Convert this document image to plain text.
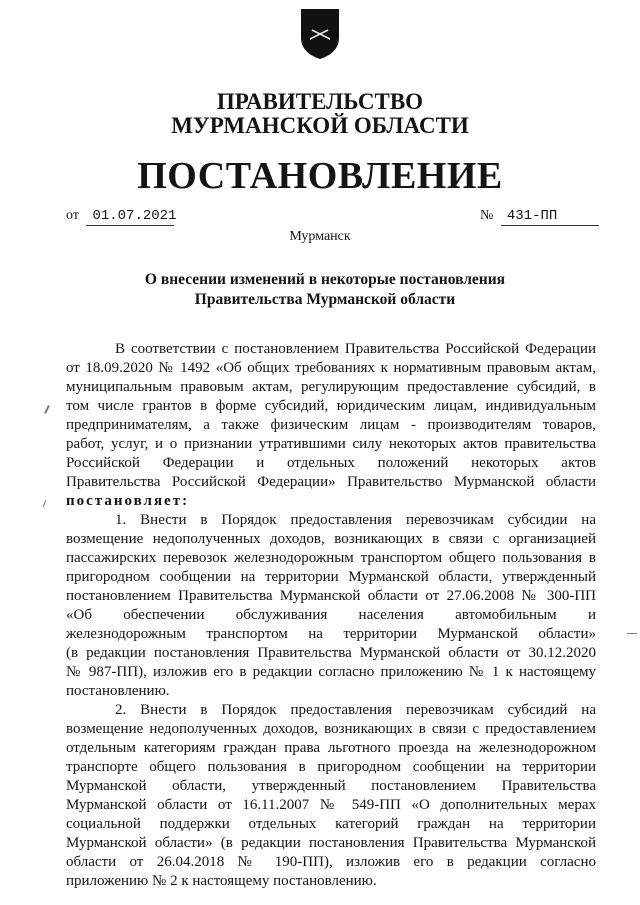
ПРАВИТЕЛЬСТВО
МУРМАНСКОЙ ОБЛАСТИ
ПОСТАНОВЛЕНИЕ
от 01.07.2021	№ 431-ПП
Мурманск
О внесении изменений в некоторые постановления
Правительства Мурманской области
В соответствии с постановлением Правительства Российской Федерации
от 18.09.2020 № 1492 «Об общих требованиях к нормативным правовым актам,
муниципальным правовым актам, регулирующим предоставление субсидий, в
том числе грантов в форме субсидий, юридическим лицам, индивидуальным
предпринимателям, а также физическим лицам - производителям товаров,
работ, услуг, и о признании утратившими силу некоторых актов правительства
Российской Федерации и отдельных положений некоторых актов
Правительства Российской Федерации» Правительство Мурманской области
постановляет:
1. Внести в Порядок предоставления перевозчикам субсидии на
возмещение недополученных доходов, возникающих в связи с организацией
пассажирских перевозок железнодорожным транспортом общего пользования в
пригородном сообщении на территории Мурманской области, утвержденный
постановлением Правительства Мурманской области от 27.06.2008 № 300-ПП
«Об обеспечении обслуживания населения автомобильным и
железнодорожным транспортом на территории Мурманской области»
(в редакции постановления Правительства Мурманской области от 30.12.2020
№ 987-ПП), изложив его в редакции согласно приложению № 1 к настоящему
постановлению.
2. Внести в Порядок предоставления перевозчикам субсидий на
возмещение недополученных доходов, возникающих в связи с предоставлением
отдельным категориям граждан права льготного проезда на железнодорожном
транспорте общего пользования в пригородном сообщении на территории
Мурманской области, утвержденный постановлением Правительства
Мурманской области от 16.11.2007 № 549-ПП «О дополнительных мерах
социальной поддержки отдельных категорий граждан на территории
Мурманской области» (в редакции постановления Правительства Мурманской
области от 26.04.2018 № 190-ПП), изложив его в редакции согласно
приложению № 2 к настоящему постановлению.
